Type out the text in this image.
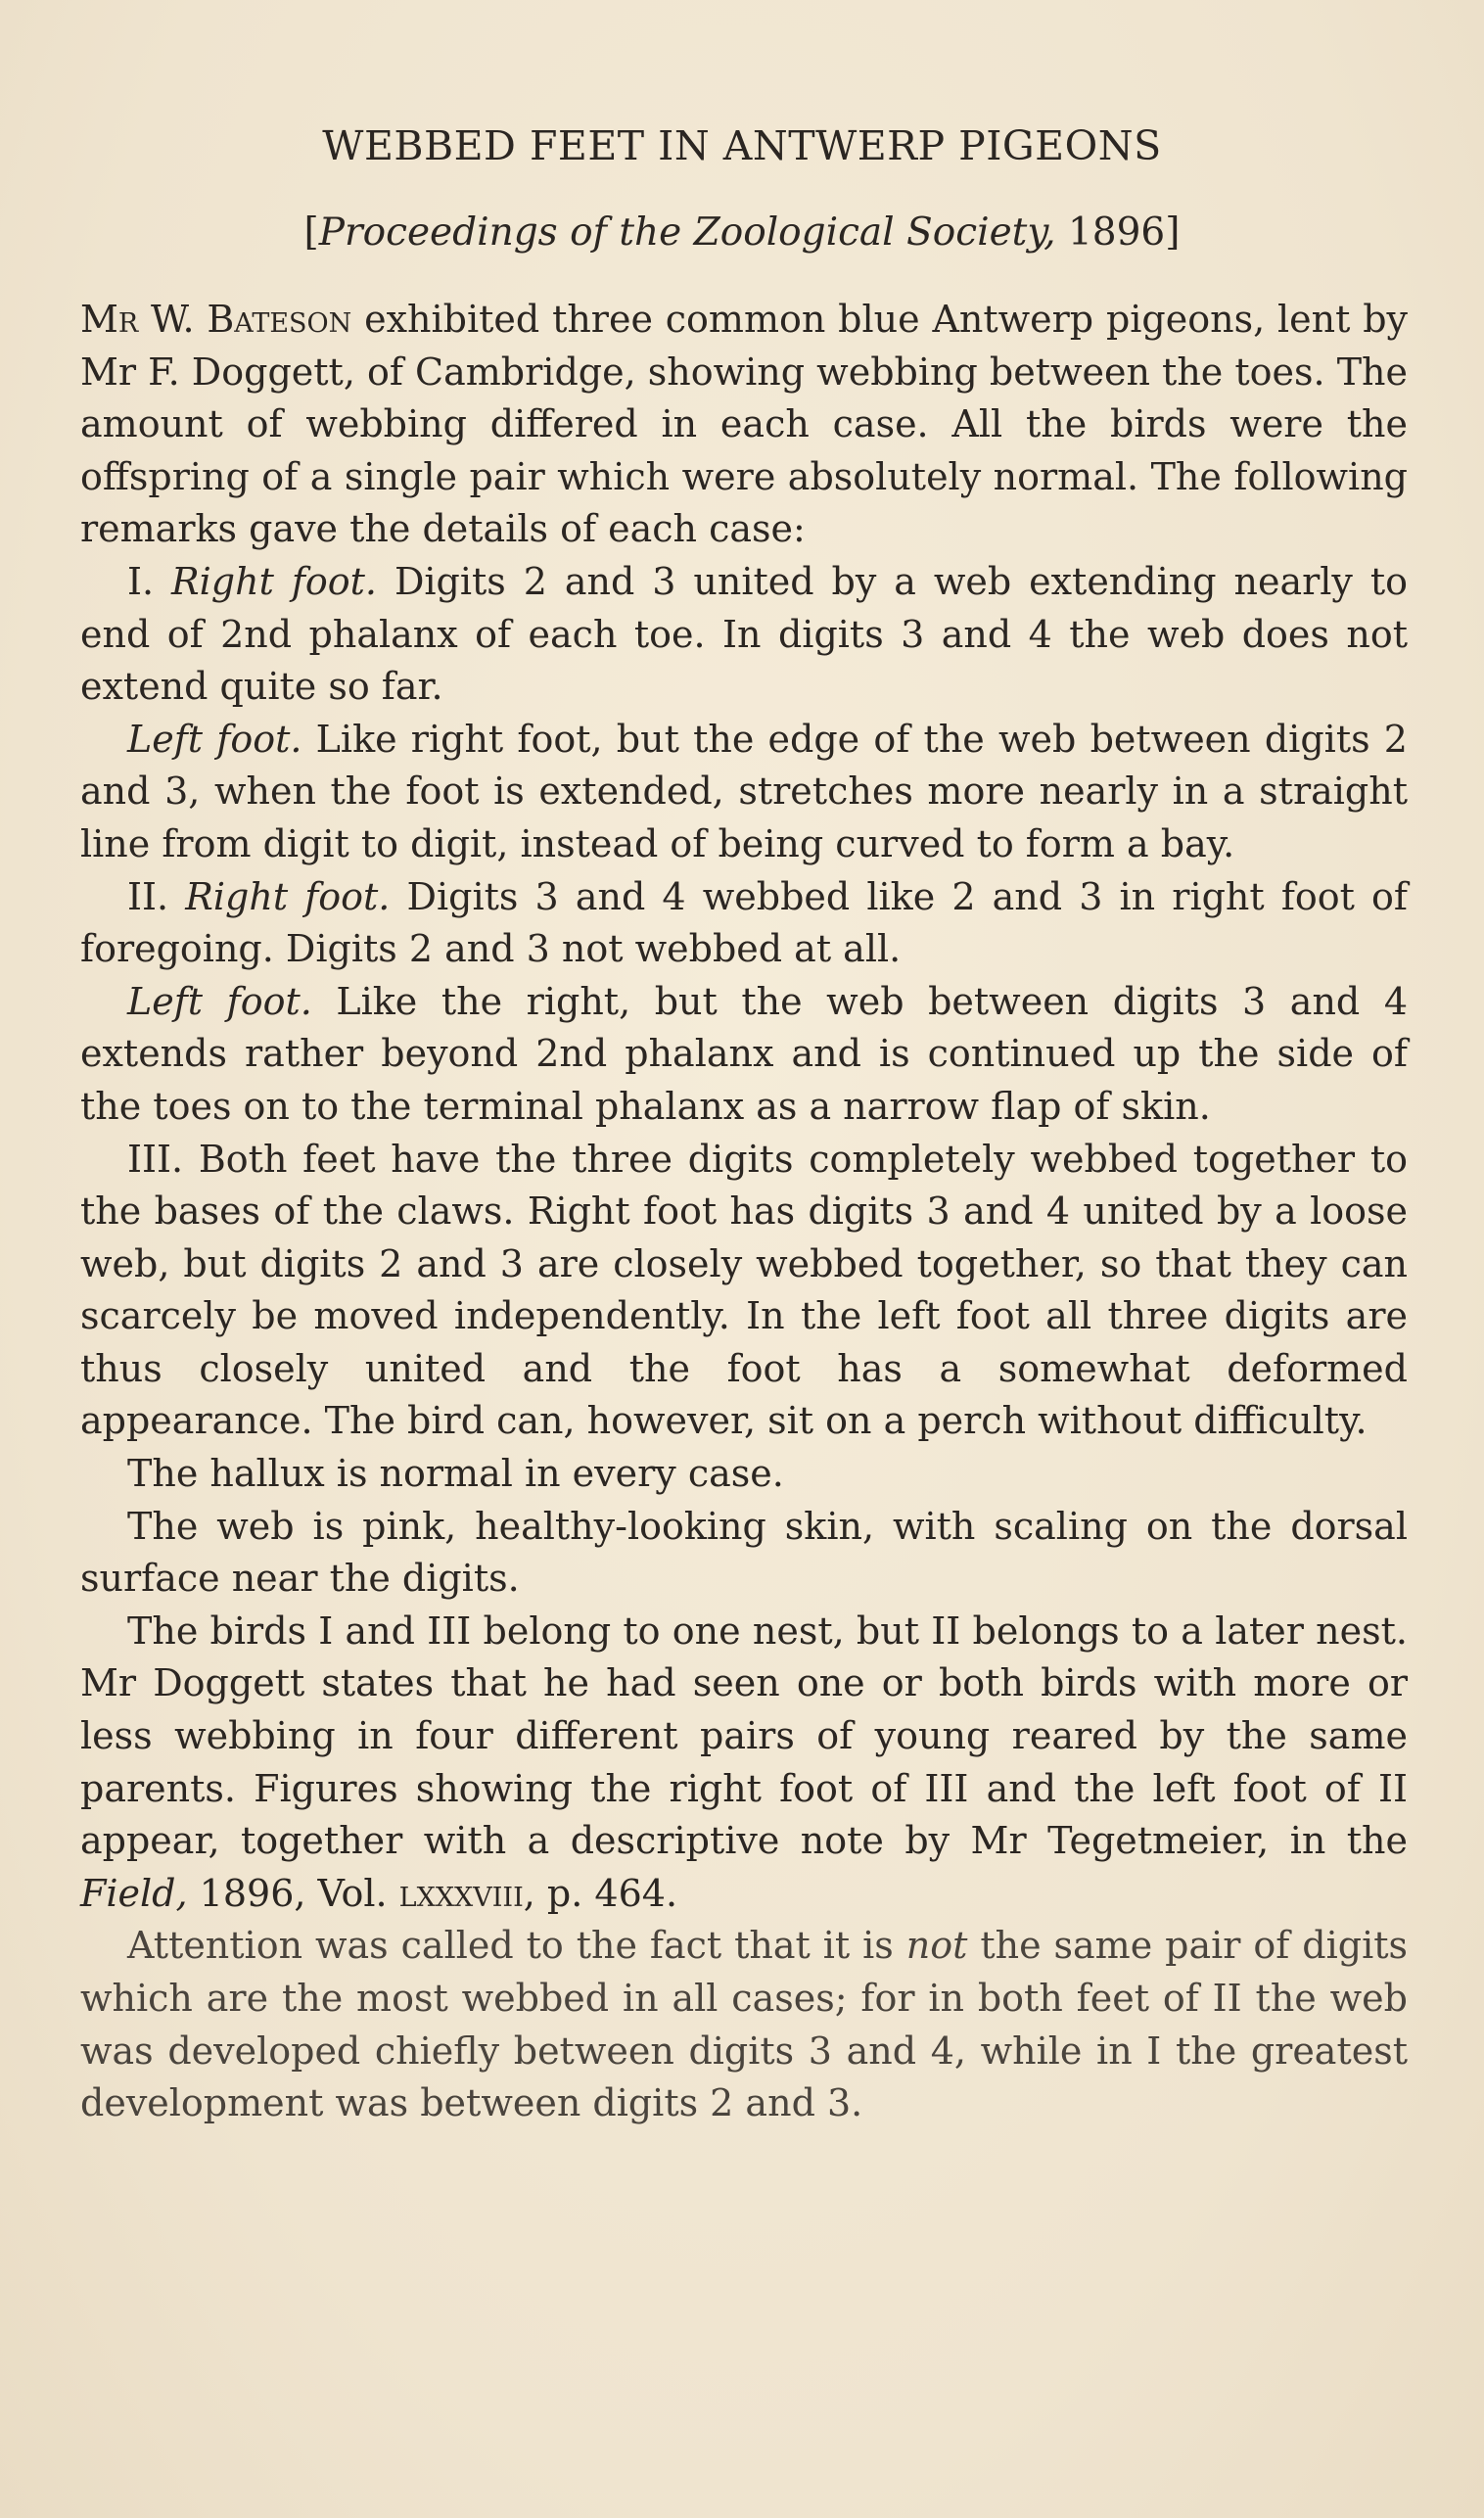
WEBBED FEET IN ANTWERP PIGEONS
[Proceedings of the Zoological Society, 1896]

Mr W. Bateson exhibited three common blue Antwerp pigeons, lent by Mr F. Doggett, of Cambridge, showing webbing between the toes. The amount of webbing differed in each case. All the birds were the offspring of a single pair which were absolutely normal. The following remarks gave the details of each case:

I. Right foot. Digits 2 and 3 united by a web extending nearly to end of 2nd phalanx of each toe. In digits 3 and 4 the web does not extend quite so far.

Left foot. Like right foot, but the edge of the web between digits 2 and 3, when the foot is extended, stretches more nearly in a straight line from digit to digit, instead of being curved to form a bay.

II. Right foot. Digits 3 and 4 webbed like 2 and 3 in right foot of foregoing. Digits 2 and 3 not webbed at all.

Left foot. Like the right, but the web between digits 3 and 4 extends rather beyond 2nd phalanx and is continued up the side of the toes on to the terminal phalanx as a narrow flap of skin.

III. Both feet have the three digits completely webbed together to the bases of the claws. Right foot has digits 3 and 4 united by a loose web, but digits 2 and 3 are closely webbed together, so that they can scarcely be moved independently. In the left foot all three digits are thus closely united and the foot has a somewhat deformed appearance. The bird can, however, sit on a perch without difficulty.

The hallux is normal in every case.

The web is pink, healthy-looking skin, with scaling on the dorsal surface near the digits.

The birds I and III belong to one nest, but II belongs to a later nest. Mr Doggett states that he had seen one or both birds with more or less webbing in four different pairs of young reared by the same parents. Figures showing the right foot of III and the left foot of II appear, together with a descriptive note by Mr Tegetmeier, in the Field, 1896, Vol. lxxxviii, p. 464.

Attention was called to the fact that it is not the same pair of digits which are the most webbed in all cases; for in both feet of II the web was developed chiefly between digits 3 and 4, while in I the greatest development was between digits 2 and 3.
